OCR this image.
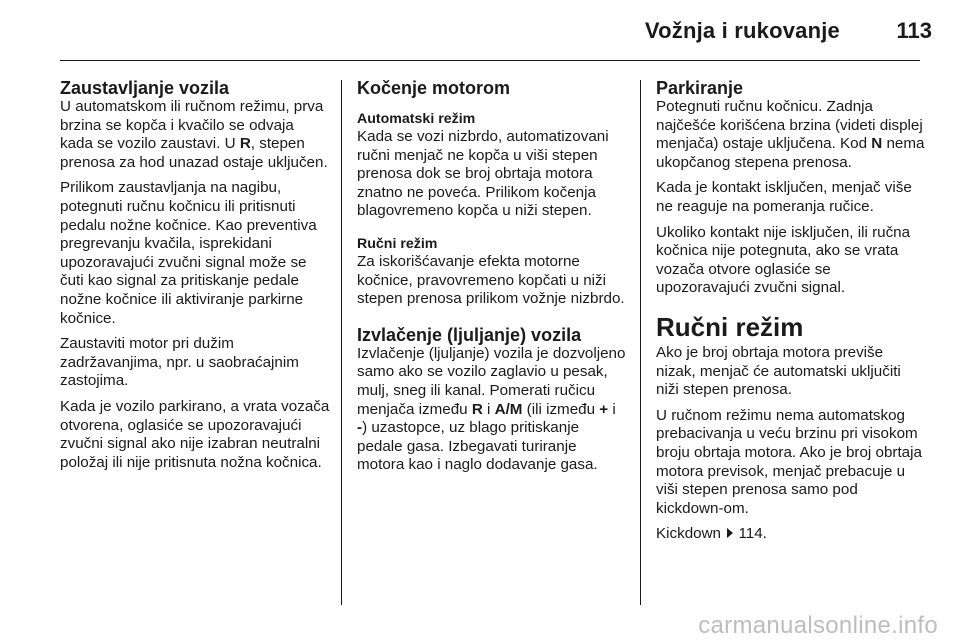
Vožnja i rukovanje	113
Zaustavljanje vozila

U automatskom ili ručnom režimu, prva brzina se kopča i kvačilo se odvaja kada se vozilo zaustavi. U R, stepen prenosa za hod unazad ostaje uključen.

Prilikom zaustavljanja na nagibu, potegnuti ručnu kočnicu ili pritisnuti pedalu nožne kočnice. Kao preventiva pregrevanju kvačila, isprekidani upozoravajući zvučni signal može se čuti kao signal za pritiskanje pedale nožne kočnice ili aktiviranje parkirne kočnice.

Zaustaviti motor pri dužim zadržavanjima, npr. u saobraćajnim zastojima.

Kada je vozilo parkirano, a vrata vozača otvorena, oglasiće se upozoravajući zvučni signal ako nije izabran neutralni položaj ili nije pritisnuta nožna kočnica.

Kočenje motorom
Automatski režim

Kada se vozi nizbrdo, automatizovani ručni menjač ne kopča u viši stepen prenosa dok se broj obrtaja motora znatno ne poveća. Prilikom kočenja blagovremeno kopča u niži stepen.

Ručni režim

Za iskorišćavanje efekta motorne kočnice, pravovremeno kopčati u niži stepen prenosa prilikom vožnje nizbrdo.

Izvlačenje (ljuljanje) vozila

Izvlačenje (ljuljanje) vozila je dozvoljeno samo ako se vozilo zaglavio u pesak, mulj, sneg ili kanal. Pomerati ručicu menjača između R i A/M (ili između + i -) uzastopce, uz blago pritiskanje pedale gasa. Izbegavati turiranje motora kao i naglo dodavanje gasa.

Parkiranje

Potegnuti ručnu kočnicu. Zadnja najčešće korišćena brzina (videti displej menjača) ostaje uključena. Kod N nema ukopčanog stepena prenosa.

Kada je kontakt isključen, menjač više ne reaguje na pomeranja ručice.

Ukoliko kontakt nije isključen, ili ručna kočnica nije potegnuta, ako se vrata vozača otvore oglasiće se upozoravajući zvučni signal.

Ručni režim

Ako je broj obrtaja motora previše nizak, menjač će automatski uključiti niži stepen prenosa.

U ručnom režimu nema automatskog prebacivanja u veću brzinu pri visokom broju obrtaja motora. Ako je broj obrtaja motora previsok, menjač prebacuje u viši stepen prenosa samo pod kickdown-om.

Kickdown 114.

carmanualsonline.info
